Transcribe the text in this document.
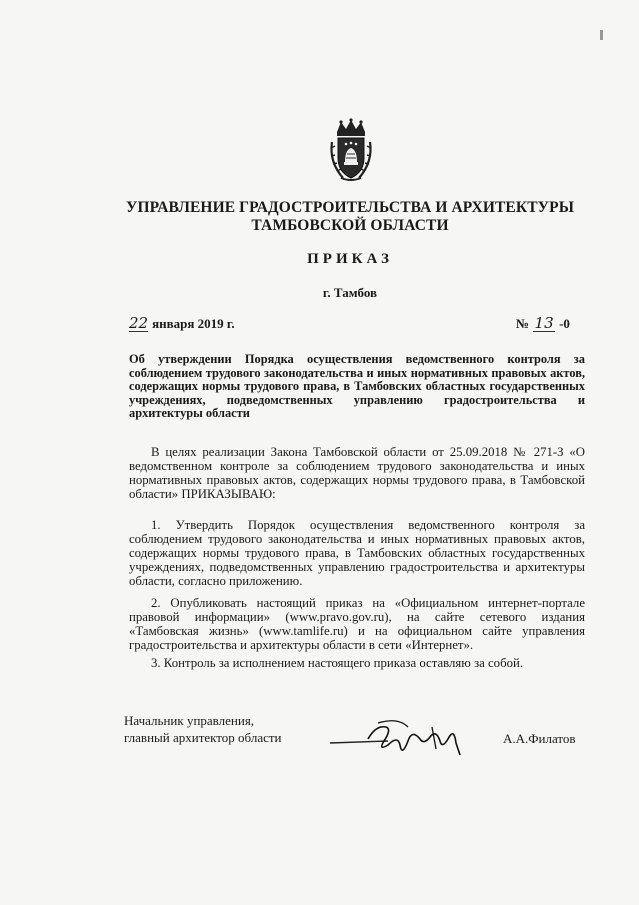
УПРАВЛЕНИЕ ГРАДОСТРОИТЕЛЬСТВА И АРХИТЕКТУРЫ
ТАМБОВСКОЙ ОБЛАСТИ
ПРИКАЗ
г. Тамбов
22 января 2019 г.	№ 13 -0
Об утверждении Порядка осуществления ведомственного контроля за соблюдением трудового законодательства и иных нормативных правовых актов, содержащих нормы трудового права, в Тамбовских областных государственных учреждениях, подведомственных управлению градостроительства и архитектуры области
В целях реализации Закона Тамбовской области от 25.09.2018 № 271-З «О ведомственном контроле за соблюдением трудового законодательства и иных нормативных правовых актов, содержащих нормы трудового права, в Тамбовской области» ПРИКАЗЫВАЮ:
1. Утвердить Порядок осуществления ведомственного контроля за соблюдением трудового законодательства и иных нормативных правовых актов, содержащих нормы трудового права, в Тамбовских областных государственных учреждениях, подведомственных управлению градостроительства и архитектуры области, согласно приложению.
2. Опубликовать настоящий приказ на «Официальном интернет-портале правовой информации» (www.pravo.gov.ru), на сайте сетевого издания «Тамбовская жизнь» (www.tamlife.ru) и на официальном сайте управления градостроительства и архитектуры области в сети «Интернет».
3. Контроль за исполнением настоящего приказа оставляю за собой.
Начальник управления,
главный архитектор области	А.А.Филатов
